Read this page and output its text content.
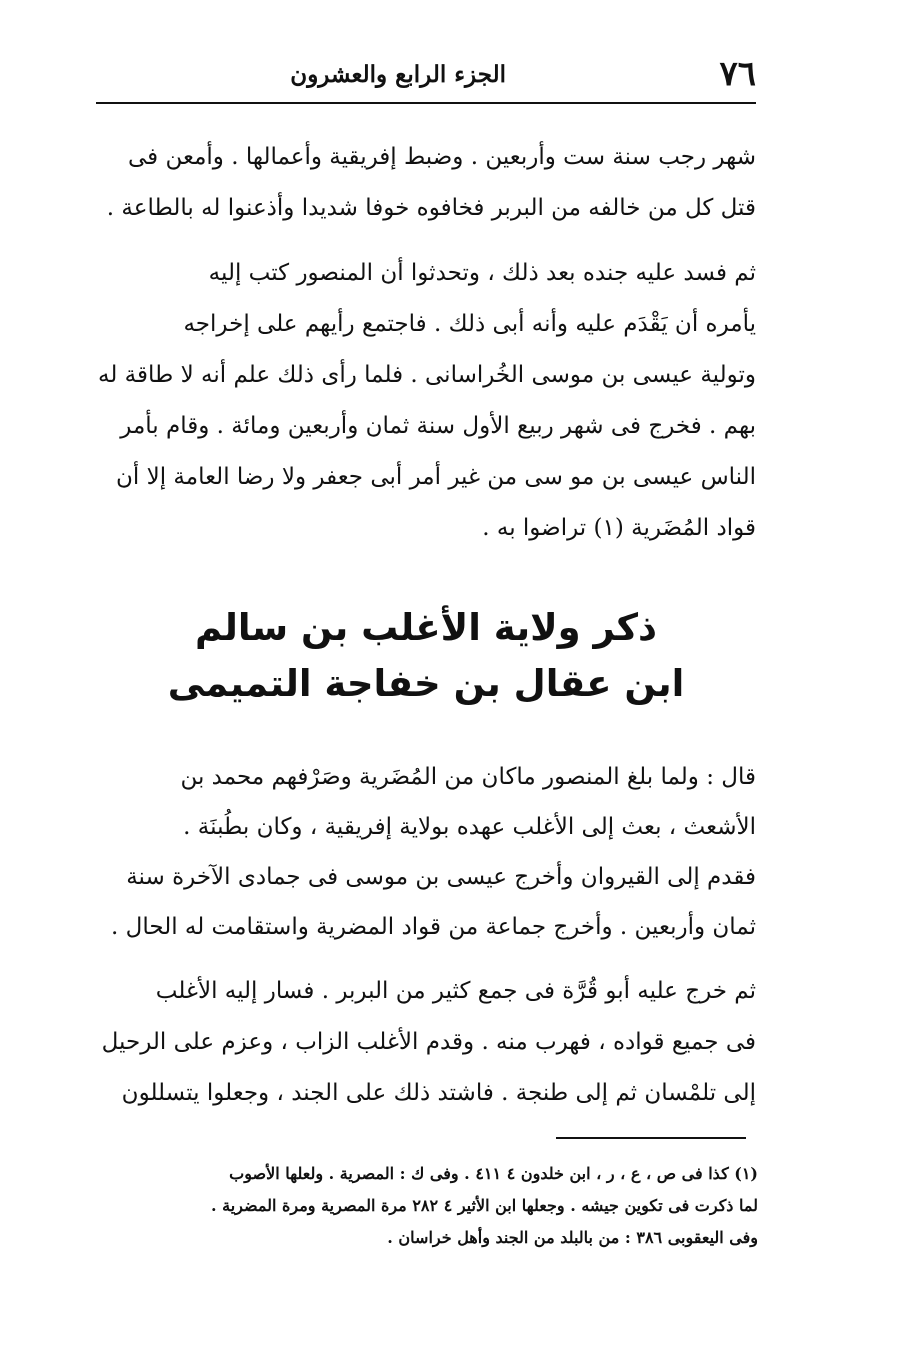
٧٦
الجزء الرابع والعشرون

شهر رجب سنة ست وأربعين . وضبط إفريقية وأعمالها . وأمعن فى

قتل كل من خالفه من البربر فخافوه خوفا شديدا وأذعنوا له بالطاعة .

ثم فسد عليه جنده بعد ذلك ، وتحدثوا أن المنصور كتب إليه

يأمره أن يَقْدَم عليه وأنه أبى ذلك . فاجتمع رأيهم على إخراجه

وتولية عيسى بن موسى الخُراسانى . فلما رأى ذلك علم أنه لا طاقة له

بهم . فخرج فى شهر ربيع الأول سنة ثمان وأربعين ومائة . وقام بأمر

الناس عيسى بن مو سى من غير أمر أبى جعفر ولا رضا العامة إلا أن

قواد المُضَرية (١) تراضوا به .

ذكر ولاية الأغلب بن سالم
ابن عقال بن خفاجة التميمى

قال : ولما بلغ المنصور ماكان من المُضَرية وصَرْفهم محمد بن

الأشعث ، بعث إلى الأغلب عهده بولاية إفريقية ، وكان بطُبنَة .

فقدم إلى القيروان وأخرج عيسى بن موسى فى جمادى الآخرة سنة

ثمان وأربعين . وأخرج جماعة من قواد المضرية واستقامت له الحال .

ثم خرج عليه أبو قُرَّة فى جمع كثير من البربر . فسار إليه الأغلب

فى جميع قواده ، فهرب منه . وقدم الأغلب الزاب ، وعزم على الرحيل

إلى تلمْسان ثم إلى طنجة . فاشتد ذلك على الجند ، وجعلوا يتسللون

(١) كذا فى ص ، ع ، ر ، ابن خلدون ٤ ٤١١ . وفى ك : المصرية . ولعلها الأصوب

لما ذكرت فى تكوين جيشه . وجعلها ابن الأثير ٤ ٢٨٢ مرة المصرية ومرة المضرية .

وفى اليعقوبى ٣٨٦ : من بالبلد من الجند وأهل خراسان .
